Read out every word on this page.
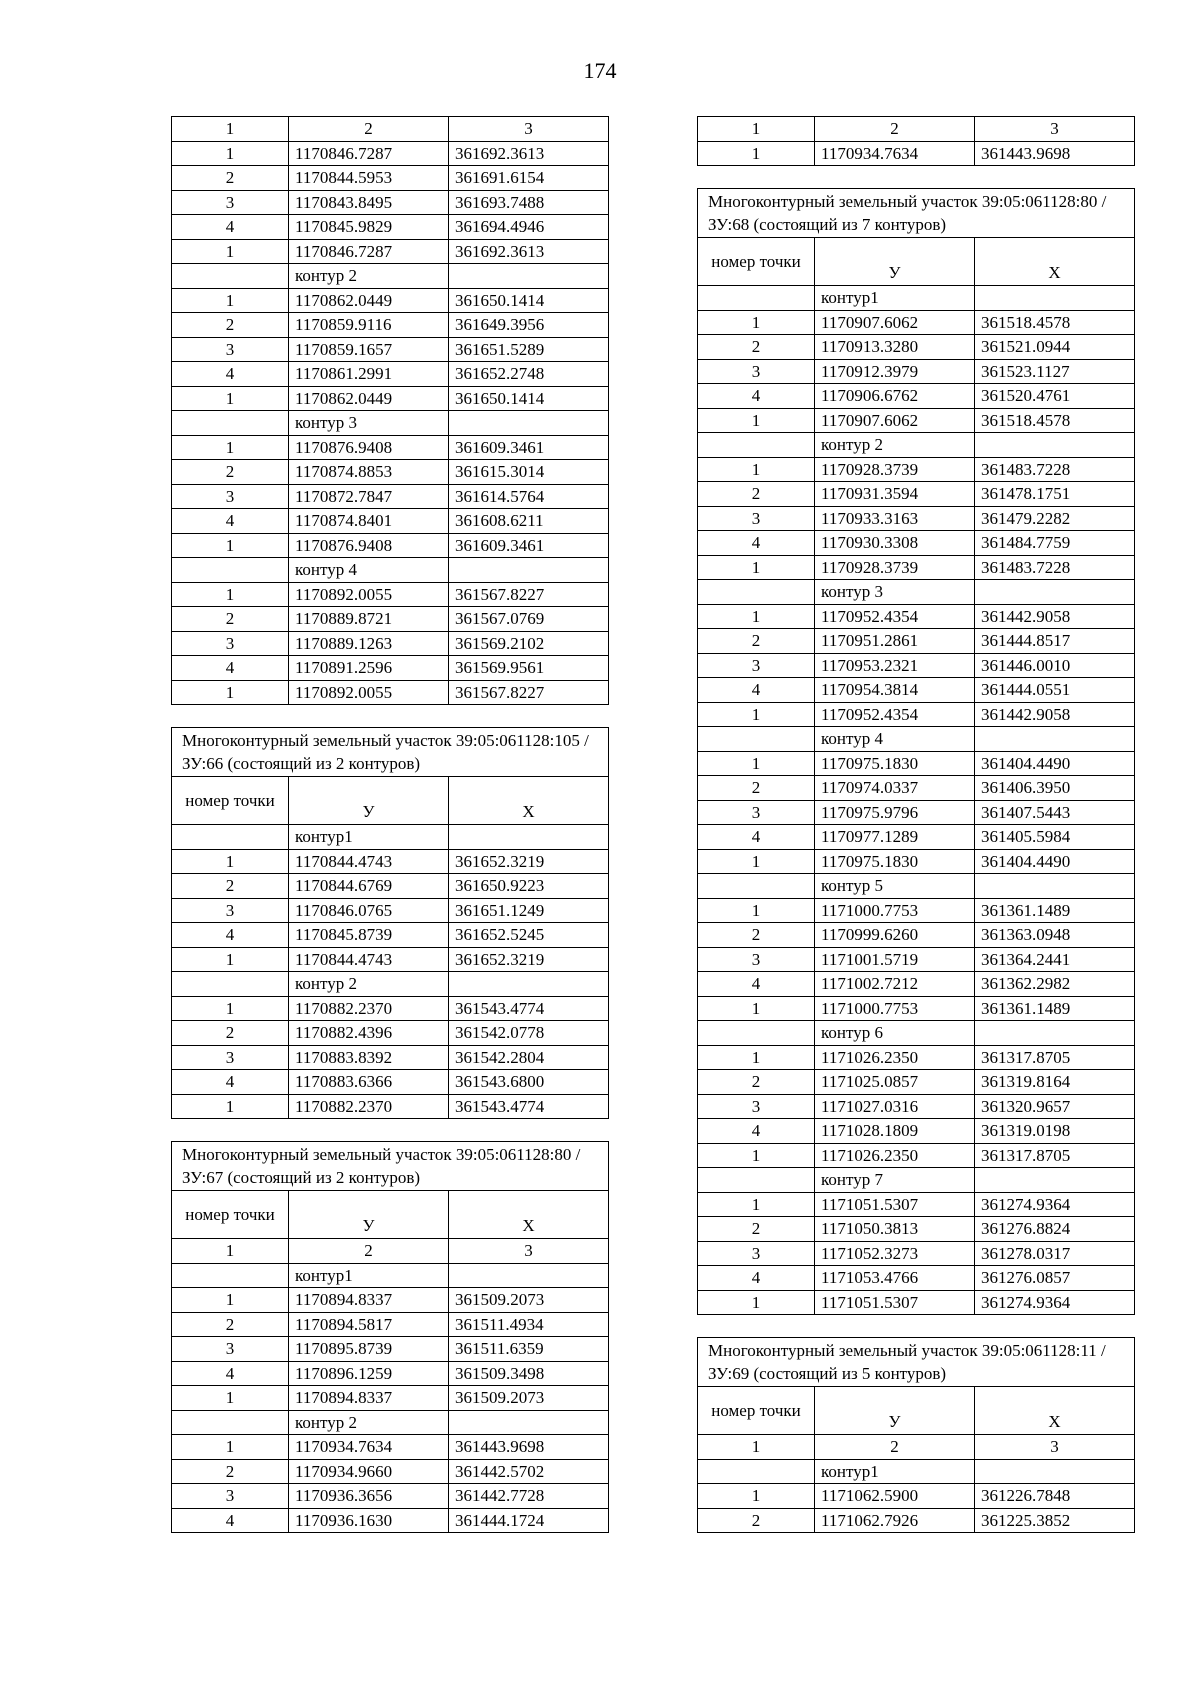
174
1	2	3
1	1170846.7287	361692.3613
2	1170844.5953	361691.6154
3	1170843.8495	361693.7488
4	1170845.9829	361694.4946
1	1170846.7287	361692.3613
	контур 2	
1	1170862.0449	361650.1414
2	1170859.9116	361649.3956
3	1170859.1657	361651.5289
4	1170861.2991	361652.2748
1	1170862.0449	361650.1414
	контур 3	
1	1170876.9408	361609.3461
2	1170874.8853	361615.3014
3	1170872.7847	361614.5764
4	1170874.8401	361608.6211
1	1170876.9408	361609.3461
	контур 4	
1	1170892.0055	361567.8227
2	1170889.8721	361567.0769
3	1170889.1263	361569.2102
4	1170891.2596	361569.9561
1	1170892.0055	361567.8227
Многоконтурный земельный участок 39:05:061128:105 /ЗУ:66 (состоящий из 2 контуров)		
номер точки	У	Х
	контур1	
1	1170844.4743	361652.3219
2	1170844.6769	361650.9223
3	1170846.0765	361651.1249
4	1170845.8739	361652.5245
1	1170844.4743	361652.3219
	контур 2	
1	1170882.2370	361543.4774
2	1170882.4396	361542.0778
3	1170883.8392	361542.2804
4	1170883.6366	361543.6800
1	1170882.2370	361543.4774
Многоконтурный земельный участок 39:05:061128:80 /ЗУ:67 (состоящий из 2 контуров)		
номер точки	У	Х
1	2	3
	контур1	
1	1170894.8337	361509.2073
2	1170894.5817	361511.4934
3	1170895.8739	361511.6359
4	1170896.1259	361509.3498
1	1170894.8337	361509.2073
	контур 2	
1	1170934.7634	361443.9698
2	1170934.9660	361442.5702
3	1170936.3656	361442.7728
4	1170936.1630	361444.1724
1	2	3
1	1170934.7634	361443.9698
Многоконтурный земельный участок 39:05:061128:80 /ЗУ:68 (состоящий из 7 контуров)		
номер точки	У	Х
	контур1	
1	1170907.6062	361518.4578
2	1170913.3280	361521.0944
3	1170912.3979	361523.1127
4	1170906.6762	361520.4761
1	1170907.6062	361518.4578
	контур 2	
1	1170928.3739	361483.7228
2	1170931.3594	361478.1751
3	1170933.3163	361479.2282
4	1170930.3308	361484.7759
1	1170928.3739	361483.7228
	контур 3	
1	1170952.4354	361442.9058
2	1170951.2861	361444.8517
3	1170953.2321	361446.0010
4	1170954.3814	361444.0551
1	1170952.4354	361442.9058
	контур 4	
1	1170975.1830	361404.4490
2	1170974.0337	361406.3950
3	1170975.9796	361407.5443
4	1170977.1289	361405.5984
1	1170975.1830	361404.4490
	контур 5	
1	1171000.7753	361361.1489
2	1170999.6260	361363.0948
3	1171001.5719	361364.2441
4	1171002.7212	361362.2982
1	1171000.7753	361361.1489
	контур 6	
1	1171026.2350	361317.8705
2	1171025.0857	361319.8164
3	1171027.0316	361320.9657
4	1171028.1809	361319.0198
1	1171026.2350	361317.8705
	контур 7	
1	1171051.5307	361274.9364
2	1171050.3813	361276.8824
3	1171052.3273	361278.0317
4	1171053.4766	361276.0857
1	1171051.5307	361274.9364
Многоконтурный земельный участок 39:05:061128:11 /ЗУ:69 (состоящий из 5 контуров)		
номер точки	У	Х
1	2	3
	контур1	
1	1171062.5900	361226.7848
2	1171062.7926	361225.3852
